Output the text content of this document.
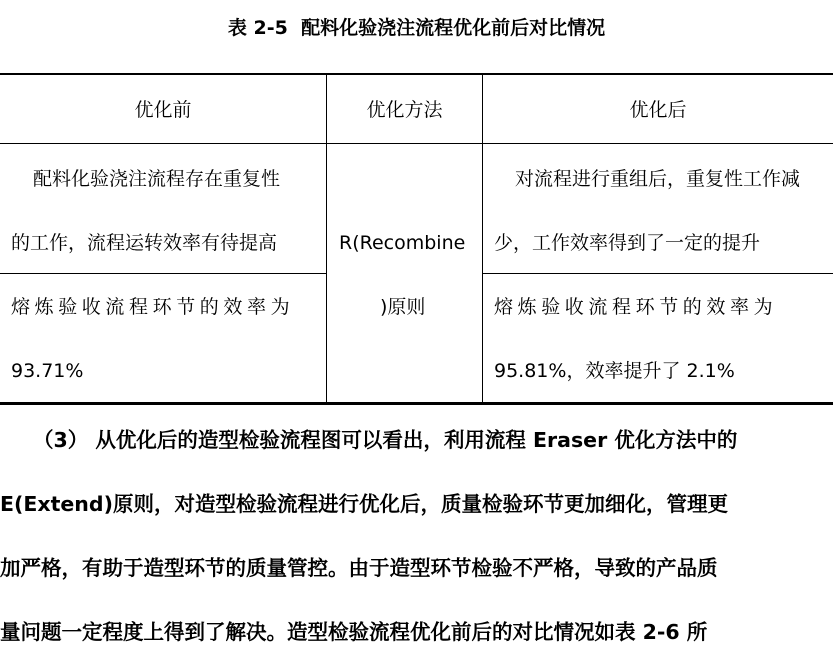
表 2-5  配料化验浇注流程优化前后对比情况
优化前	优化方法	优化后
配料化验浇注流程存在重复性
的工作，流程运转效率有待提高
对流程进行重组后，重复性工作减
少，工作效率得到了一定的提升
R(Recombine
)原则
熔炼验收流程环节的效率为
93.71%
熔炼验收流程环节的效率为
95.81%，效率提升了 2.1%
（3） 从优化后的造型检验流程图可以看出，利用流程 Eraser 优化方法中的
E(Extend)原则，对造型检验流程进行优化后，质量检验环节更加细化，管理更
加严格，有助于造型环节的质量管控。由于造型环节检验不严格，导致的产品质
量问题一定程度上得到了解决。造型检验流程优化前后的对比情况如表 2-6 所
